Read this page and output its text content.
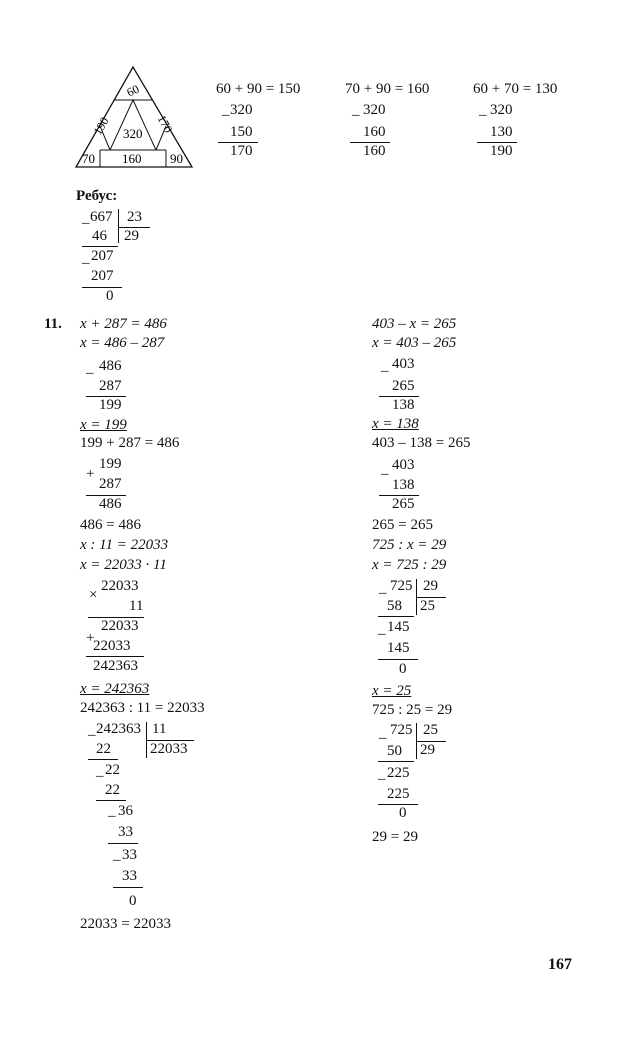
60
190	170
320
70 160 90
60 + 90 = 150
– 320
150
170
70 + 90 = 160
– 320
160
160
60 + 70 = 130
– 320
130
190
Ребус:
– 667 23
29
46
– 207
207
0
11. x + 287 = 486
x = 486 – 287
– 486
287
199
x = 199
199 + 287 = 486
+
199
287
486
486 = 486
x : 11 = 22033
x = 22033 · 11
×
22033
11
+
22033
22033
242363
x = 242363
242363 : 11 = 22033
– 242363 11
22033
22
– 22
22
– 36
33
– 33
33
0
22033 = 22033
403 – x = 265
x = 403 – 265
– 403
265
138
x = 138
403 – 138 = 265
–
403
138
265
265 = 265
725 : x = 29
x = 725 : 29
– 725 29
25
58
– 145
145
0
x = 25
725 : 25 = 29
– 725 25
29
50
– 225
225
0
29 = 29
167
